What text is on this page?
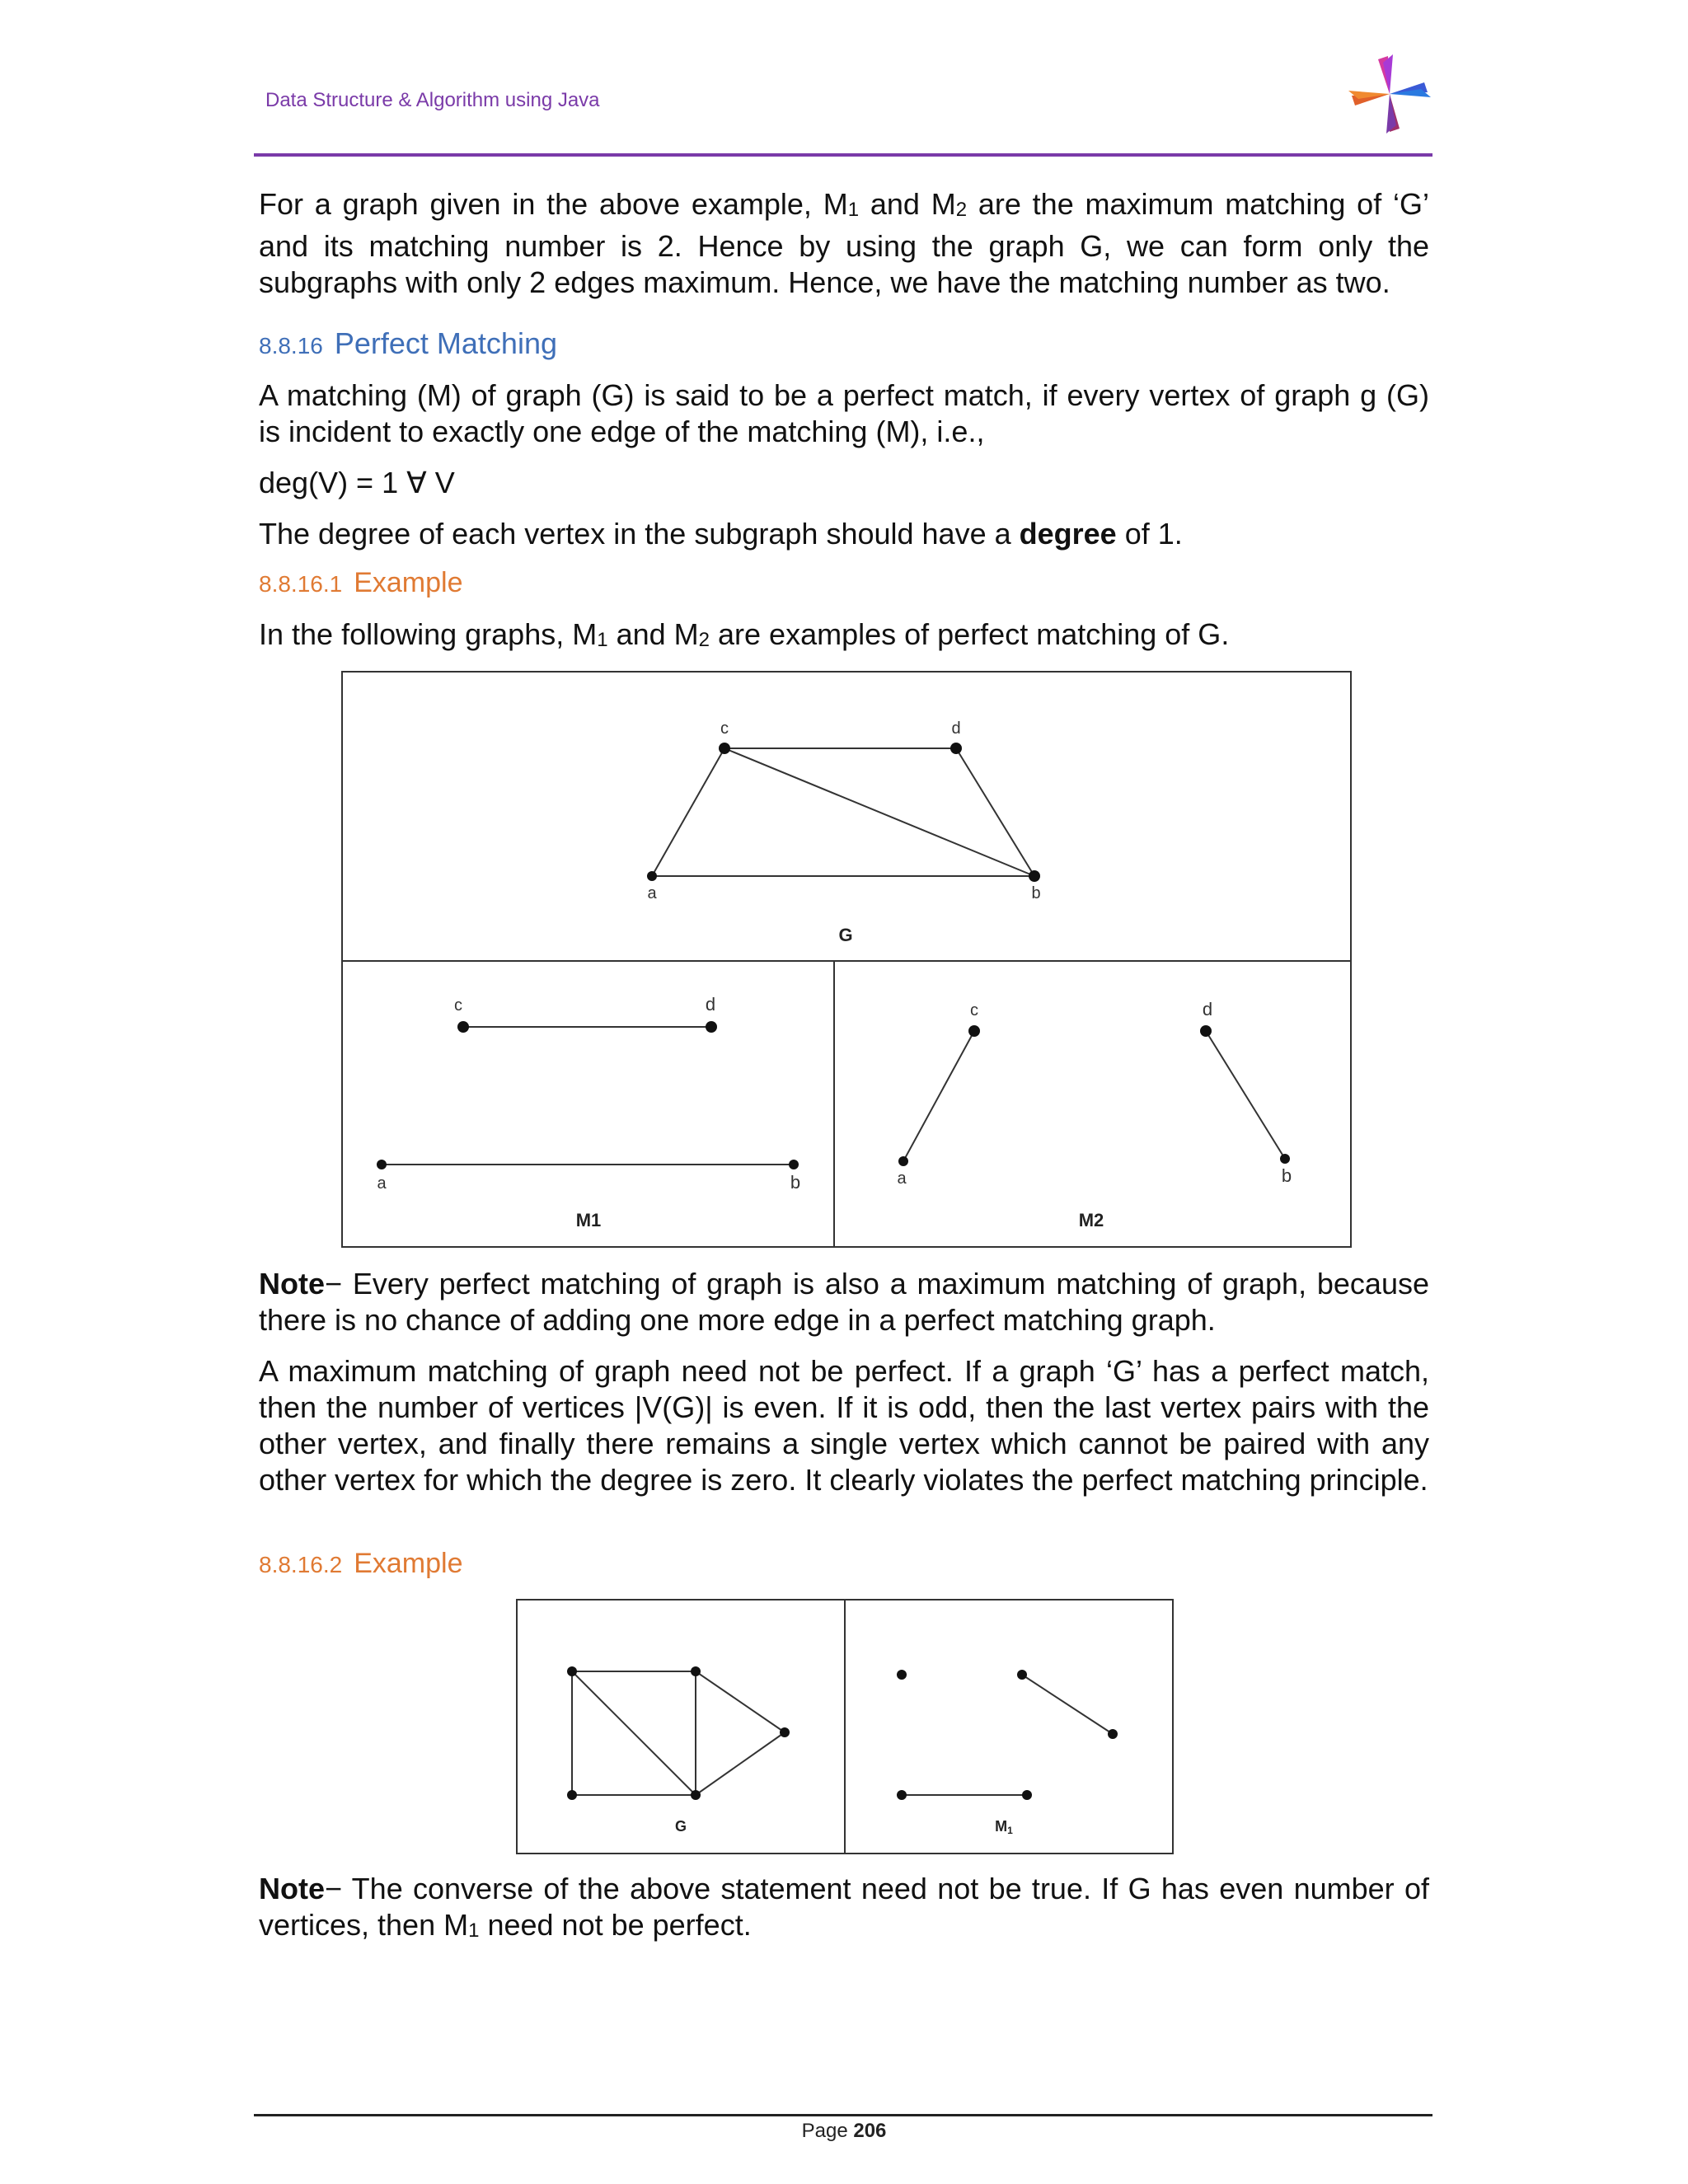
Data Structure & Algorithm using Java

For a graph given in the above example, $M_1$ and $M_2$ are the maximum matching of ‘G’ and its matching number is 2. Hence by using the graph G, we can form only the subgraphs with only 2 edges maximum. Hence, we have the matching number as two.

8.8.16 Perfect Matching

A matching (M) of graph (G) is said to be a perfect match, if every vertex of graph g (G) is incident to exactly one edge of the matching (M), i.e.,

deg(V) = 1 ∀ V

The degree of each vertex in the subgraph should have a degree of 1.

8.8.16.1 Example

In the following graphs, $M_1$ and $M_2$ are examples of perfect matching of G.

c	d
a	b
G
c	d
a	b
M1
c	d
a	b
M2

Note− Every perfect matching of graph is also a maximum matching of graph, because there is no chance of adding one more edge in a perfect matching graph.

A maximum matching of graph need not be perfect. If a graph ‘G’ has a perfect match, then the number of vertices |V(G)| is even. If it is odd, then the last vertex pairs with the other vertex, and finally there remains a single vertex which cannot be paired with any other vertex for which the degree is zero. It clearly violates the perfect matching principle.

8.8.16.2 Example
G	M1

Note− The converse of the above statement need not be true. If G has even number of vertices, then $M_1$ need not be perfect.

Page 206
